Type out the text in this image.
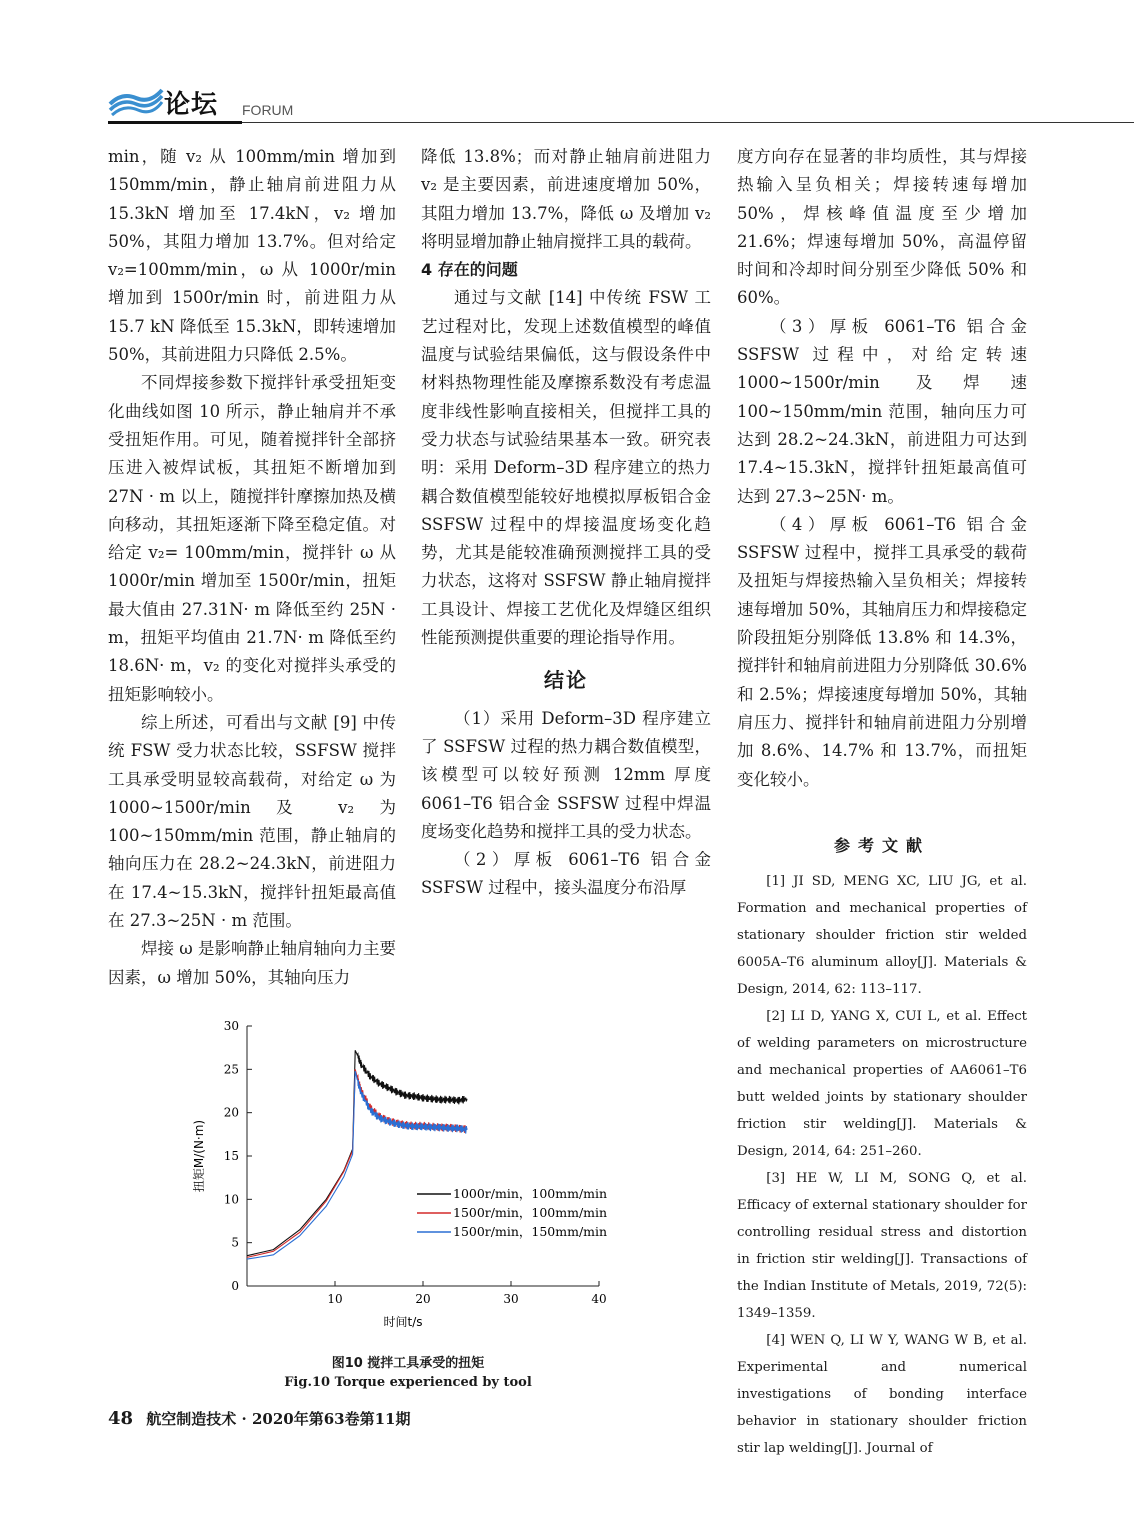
论坛 FORUM

min，随 v₂ 从 100mm/min 增加到 150mm/min，静止轴肩前进阻力从 15.3kN 增加至 17.4kN，v₂ 增加 50%，其阻力增加 13.7%。但对给定 v₂=100mm/min，ω 从 1000r/min 增加到 1500r/min 时，前进阻力从 15.7 kN 降低至 15.3kN，即转速增加 50%，其前进阻力只降低 2.5%。

不同焊接参数下搅拌针承受扭矩变化曲线如图 10 所示，静止轴肩并不承受扭矩作用。可见，随着搅拌针全部挤压进入被焊试板，其扭矩不断增加到 27N · m 以上，随搅拌针摩擦加热及横向移动，其扭矩逐渐下降至稳定值。对给定 v₂= 100mm/min，搅拌针 ω 从 1000r/min 增加至 1500r/min，扭矩最大值由 27.31N· m 降低至约 25N · m，扭矩平均值由 21.7N· m 降低至约 18.6N· m，v₂ 的变化对搅拌头承受的扭矩影响较小。

综上所述，可看出与文献 [9] 中传统 FSW 受力状态比较，SSFSW 搅拌工具承受明显较高载荷，对给定 ω 为 1000~1500r/min 及 v₂ 为 100~150mm/min 范围，静止轴肩的轴向压力在 28.2~24.3kN，前进阻力在 17.4~15.3kN，搅拌针扭矩最高值在 27.3~25N · m 范围。

焊接 ω 是影响静止轴肩轴向力主要因素，ω 增加 50%，其轴向压力

降低 13.8%；而对静止轴肩前进阻力 v₂ 是主要因素，前进速度增加 50%，其阻力增加 13.7%，降低 ω 及增加 v₂ 将明显增加静止轴肩搅拌工具的载荷。

4 存在的问题

通过与文献 [14] 中传统 FSW 工艺过程对比，发现上述数值模型的峰值温度与试验结果偏低，这与假设条件中材料热物理性能及摩擦系数没有考虑温度非线性影响直接相关，但搅拌工具的受力状态与试验结果基本一致。研究表明：采用 Deform–3D 程序建立的热力耦合数值模型能较好地模拟厚板铝合金 SSFSW 过程中的焊接温度场变化趋势，尤其是能较准确预测搅拌工具的受力状态，这将对 SSFSW 静止轴肩搅拌工具设计、焊接工艺优化及焊缝区组织性能预测提供重要的理论指导作用。

结论

（1）采用 Deform–3D 程序建立了 SSFSW 过程的热力耦合数值模型，该模型可以较好预测 12mm 厚度 6061–T6 铝合金 SSFSW 过程中焊温度场变化趋势和搅拌工具的受力状态。

（2）厚板 6061–T6 铝合金 SSFSW 过程中，接头温度分布沿厚

度方向存在显著的非均质性，其与焊接热输入呈负相关；焊接转速每增加 50%，焊核峰值温度至少增加 21.6%；焊速每增加 50%，高温停留时间和冷却时间分别至少降低 50% 和 60%。

（3）厚板 6061–T6 铝合金 SSFSW 过程中，对给定转速 1000~1500r/min 及焊速 100~150mm/min 范围，轴向压力可达到 28.2~24.3kN，前进阻力可达到 17.4~15.3kN，搅拌针扭矩最高值可达到 27.3~25N· m。

（4）厚板 6061–T6 铝合金 SSFSW 过程中，搅拌工具承受的载荷及扭矩与焊接热输入呈负相关；焊接转速每增加 50%，其轴肩压力和焊接稳定阶段扭矩分别降低 13.8% 和 14.3%，搅拌针和轴肩前进阻力分别降低 30.6% 和 2.5%；焊接速度每增加 50%，其轴肩压力、搅拌针和轴肩前进阻力分别增加 8.6%、14.7% 和 13.7%，而扭矩变化较小。

参考文献

[1] JI SD, MENG XC, LIU JG, et al. Formation and mechanical properties of stationary shoulder friction stir welded 6005A–T6 aluminum alloy[J]. Materials & Design, 2014, 62: 113–117.

[2] LI D, YANG X, CUI L, et al. Effect of welding parameters on microstructure and mechanical properties of AA6061–T6 butt welded joints by stationary shoulder friction stir welding[J]. Materials & Design, 2014, 64: 251–260.

[3] HE W, LI M, SONG Q, et al. Efficacy of external stationary shoulder for controlling residual stress and distortion in friction stir welding[J]. Transactions of the Indian Institute of Metals, 2019, 72(5): 1349–1359.

[4] WEN Q, LI W Y, WANG W B, et al. Experimental and numerical investigations of bonding interface behavior in stationary shoulder friction stir lap welding[J]. Journal of

0
5
10
15
20
25
30
10	20	30	40
时间t/s
扭矩M/(N·m)
1000r/min，100mm/min
1500r/min，100mm/min
1500r/min，150mm/min
图10 搅拌工具承受的扭矩
Fig.10 Torque experienced by tool
48 航空制造技术 · 2020年第63卷第11期
